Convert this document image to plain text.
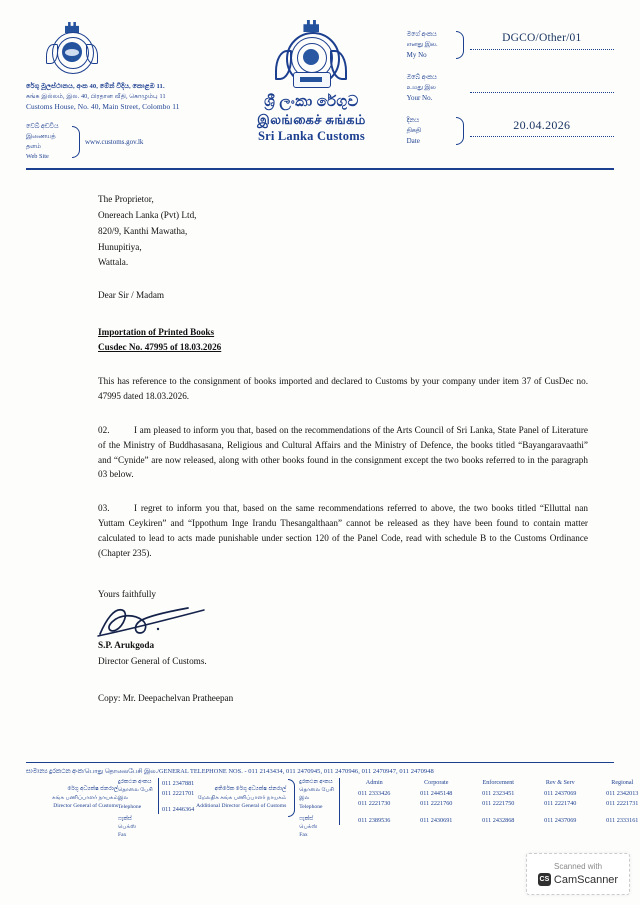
රේගු මූලස්ථානය, අංක 40, මේන් වීදිය, කොළඹ 11.
சுங்க இல்லம், இல. 40, பிரதான வீதி, கொழும்பு 11
Customs House, No. 40, Main Street, Colombo 11
වෙබ් අඩවිය
இணையத் தளம்
Web Site
www.customs.gov.lk
ශ්‍රී ලංකා රේගුව
இலங்கைச் சுங்கம்
Sri Lanka Customs
මගේ අංකය
எனது இல.
My No
DGCO/Other/01
ඔබේ අංකය
உமது இல
Your No.
දිනය
திகதி
Date
20.04.2026
The Proprietor,
Onereach Lanka (Pvt) Ltd,
820/9, Kanthi Mawatha,
Hunupitiya,
Wattala.
Dear Sir / Madam
Importation of Printed Books
Cusdec No. 47995 of 18.03.2026

This has reference to the consignment of books imported and declared to Customs by your company under item 37 of CusDec no. 47995 dated 18.03.2026.

02.	I am pleased to inform you that, based on the recommendations of the Arts Council of Sri Lanka, State Panel of Literature of the Ministry of Buddhasasana, Religious and Cultural Affairs and the Ministry of Defence, the books titled “Bayangaravaathi” and “Cynide” are now released, along with other books found in the consignment except the two books referred to in the paragraph 03 below.

03.	I regret to inform you that, based on the same recommendations referred to above, the two books titled “Elluttal nan Yuttam Ceykiren” and “Ippothum Inge Irandu Thesangalthaan” cannot be released as they have been found to contain matter calculated to lead to acts made punishable under section 120 of the Panel Code, read with schedule B to the Customs Ordinance (Chapter 235).

Yours faithfully
S.P. Arukgoda
Director General of Customs.
Copy: Mr. Deepachelvan Pratheepan
සාමාන්‍ය දුරකථන අංක/பொது தொலைபேசி இல./GENERAL TELEPHONE NOS. - 011 2143434, 011 2470945, 011 2470946, 011 2470947, 011 2470948
රේගු අධ්‍යක්ෂ ජනරාල්
சுங்க பணிப்பாளர் நாயகம்
Director General of Customs
දුරකථන අංකය
தொலை பேசி இல
Telephone
ෆැක්ස්
பெக்ஸ்
Fax
011 2347881
011 2221701
011 2446364
අතිරේක රේගු අධ්‍යක්ෂ ජනරාල්
மேலதிக சுங்க பணிப்பாளர் நாயகம்
Additional Director General of Customs
දුරකථන අංකය
தொலை பேசி இல
Telephone
ෆැක්ස්
பெக்ஸ்
Fax
Admin	Corporate	Enforcement	Rev & Serv	Regional
011 2333426	011 2445148	011 2323451	011 2437069	011 2342013
011 2221730	011 2221760	011 2221750	011 2221740	011 2221731
011 2389536	011 2430691	011 2432868	011 2437069	011 2333161
Scanned with
CS CamScanner
